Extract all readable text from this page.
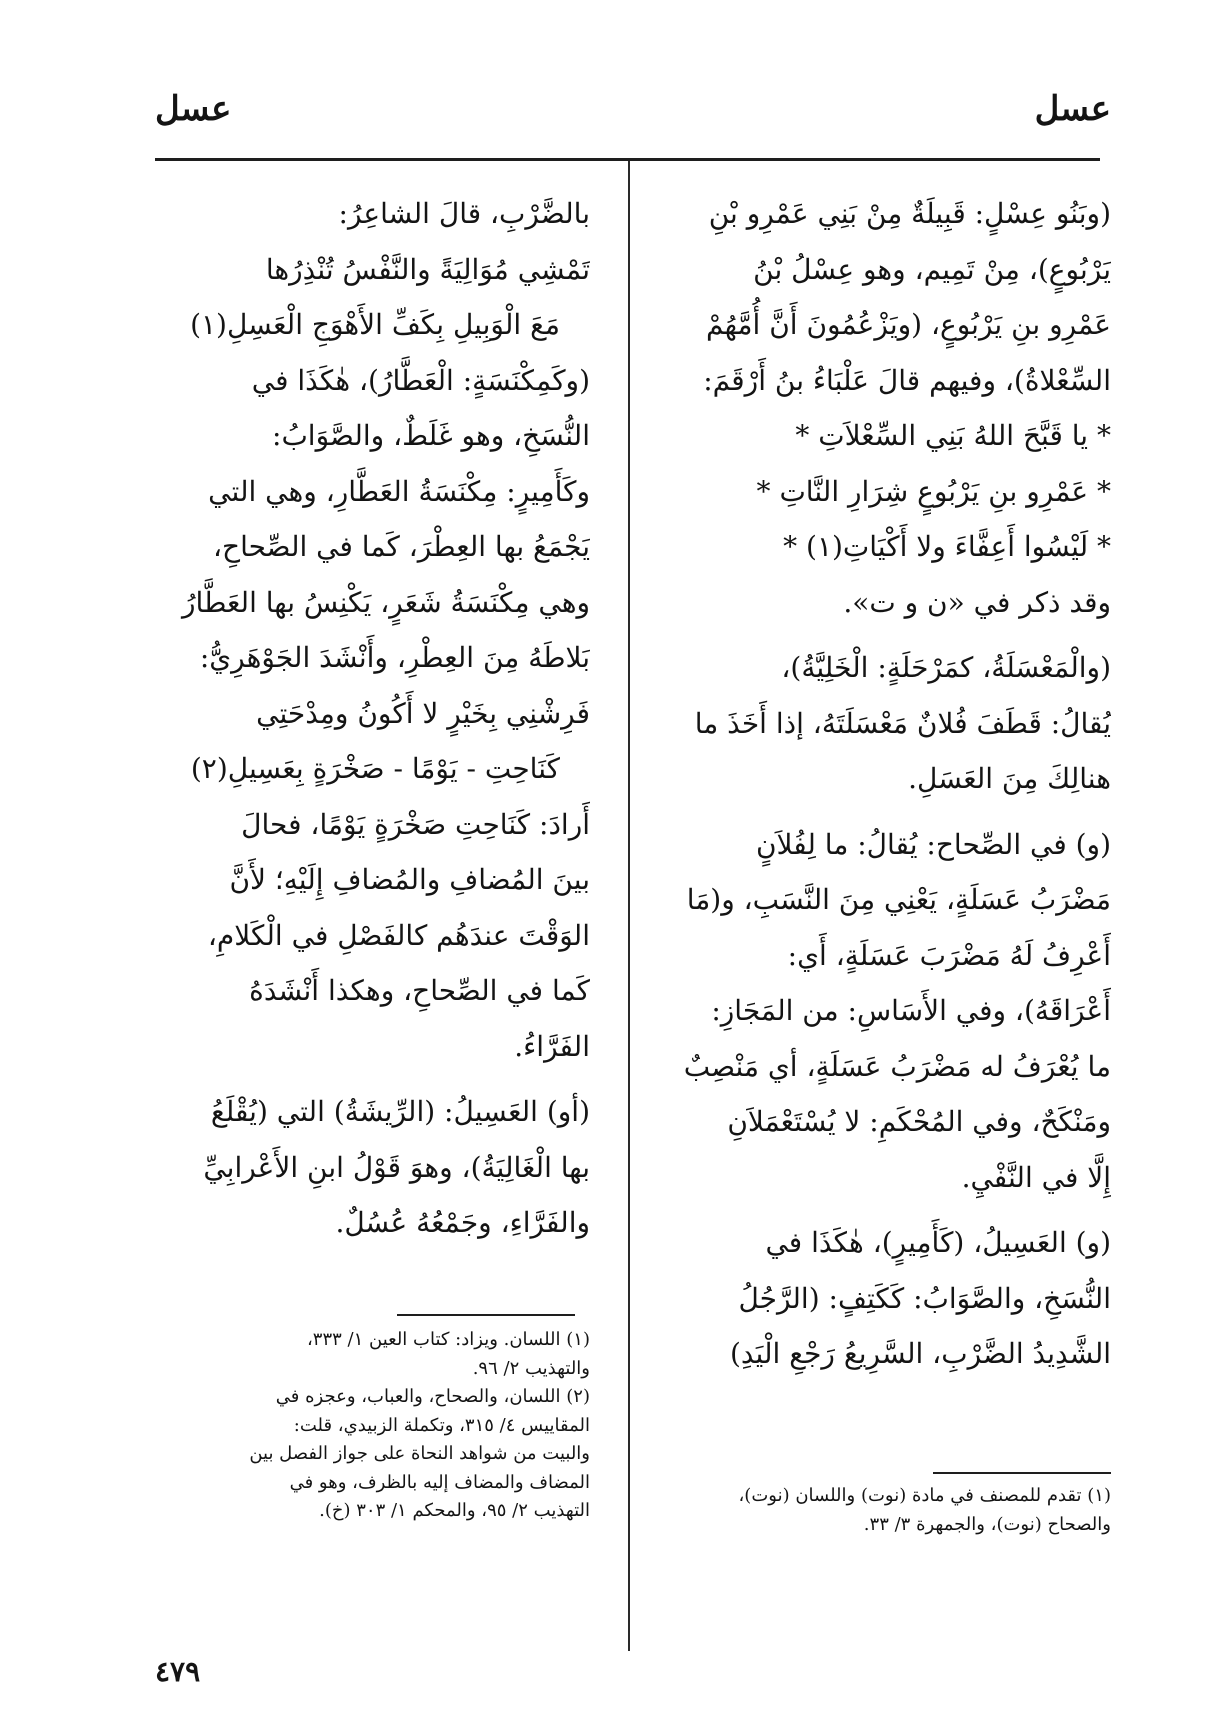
عسل
عسل
(وبَنُو عِسْلٍ: قَبِيلَةٌ مِنْ بَنِي عَمْرِو بْنِ
يَرْبُوعٍ)، مِنْ تَمِيم، وهو عِسْلُ بْنُ
عَمْرِو بنِ يَرْبُوعٍ، (ويَزْعُمُونَ أَنَّ أُمَّهُمْ
السِّعْلاةُ)، وفيهم قالَ عَلْبَاءُ بنُ أَرْقَمَ:
* يا قَبَّحَ اللهُ بَنِي السِّعْلاَتِ *
* عَمْرِو بنِ يَرْبُوعٍ شِرَارِ النَّاتِ *
* لَيْسُوا أَعِفَّاءَ ولا أَكْيَاتِ(١) *
وقد ذكر في «ن و ت».
(والْمَعْسَلَةُ، كمَرْحَلَةٍ: الْخَلِيَّةُ)،
يُقالُ: قَطَفَ فُلانٌ مَعْسَلَتَهُ، إذا أَخَذَ ما
هنالِكَ مِنَ العَسَلِ.
(و) في الصِّحاح: يُقالُ: ما لِفُلاَنٍ
مَضْرَبُ عَسَلَةٍ، يَعْنِي مِنَ النَّسَبِ، و(مَا
أَعْرِفُ لَهُ مَضْرَبَ عَسَلَةٍ، أَي:
أَعْرَاقَهُ)، وفي الأَسَاسِ: من المَجَازِ:
ما يُعْرَفُ له مَضْرَبُ عَسَلَةٍ، أي مَنْصِبٌ
ومَنْكَحٌ، وفي المُحْكَمِ: لا يُسْتَعْمَلاَنِ
إِلَّا في النَّفْيِ.
(و) العَسِيلُ، (كَأَمِيرٍ)، هٰكَذَا في
النُّسَخِ، والصَّوَابُ: كَكَتِفٍ: (الرَّجُلُ
الشَّدِيدُ الضَّرْبِ، السَّرِيعُ رَجْعِ الْيَدِ)
(١) تقدم للمصنف في مادة (نوت) واللسان (نوت)،
والصحاح (نوت)، والجمهرة ٣/ ٣٣.
بالضَّرْبِ، قالَ الشاعِرُ:
تَمْشِي مُوَالِيَةً والنَّفْسُ تُنْذِرُها
مَعَ الْوَبِيلِ بِكَفِّ الأَهْوَجِ الْعَسِلِ(١)
(وكَمِكْنَسَةٍ: الْعَطَّارُ)، هٰكَذَا في
النُّسَخِ، وهو غَلَطٌ، والصَّوَابُ:
وكَأَمِيرٍ: مِكْنَسَةُ العَطَّارِ، وهي التي
يَجْمَعُ بها العِطْرَ، كَما في الصِّحاحِ،
وهي مِكْنَسَةُ شَعَرٍ، يَكْنِسُ بها العَطَّارُ
بَلاطَهُ مِنَ العِطْرِ، وأَنْشَدَ الجَوْهَرِيُّ:
فَرِشْنِي بِخَيْرٍ لا أَكُونُ ومِدْحَتِي
كَنَاحِتِ - يَوْمًا - صَخْرَةٍ بِعَسِيلِ(٢)
أَرادَ: كَنَاحِتِ صَخْرَةٍ يَوْمًا، فحالَ
بينَ المُضافِ والمُضافِ إِلَيْهِ؛ لأَنَّ
الوَقْتَ عندَهُم كالفَصْلِ في الْكَلامِ،
كَما في الصِّحاحِ، وهكذا أَنْشَدَهُ
الفَرَّاءُ.
(أو) العَسِيلُ: (الرِّيشَةُ) التي (يُقْلَعُ
بها الْغَالِيَةُ)، وهوَ قَوْلُ ابنِ الأَعْرابِيِّ
والفَرَّاءِ، وجَمْعُهُ عُسُلٌ.
(١) اللسان. ويزاد: كتاب العين ١/ ٣٣٣،
والتهذيب ٢/ ٩٦.
(٢) اللسان، والصحاح، والعباب، وعجزه في
المقاييس ٤/ ٣١٥، وتكملة الزبيدي، قلت:
والبيت من شواهد النحاة على جواز الفصل بين
المضاف والمضاف إليه بالظرف، وهو في
التهذيب ٢/ ٩٥، والمحكم ١/ ٣٠٣ (خ).
٤٧٩
